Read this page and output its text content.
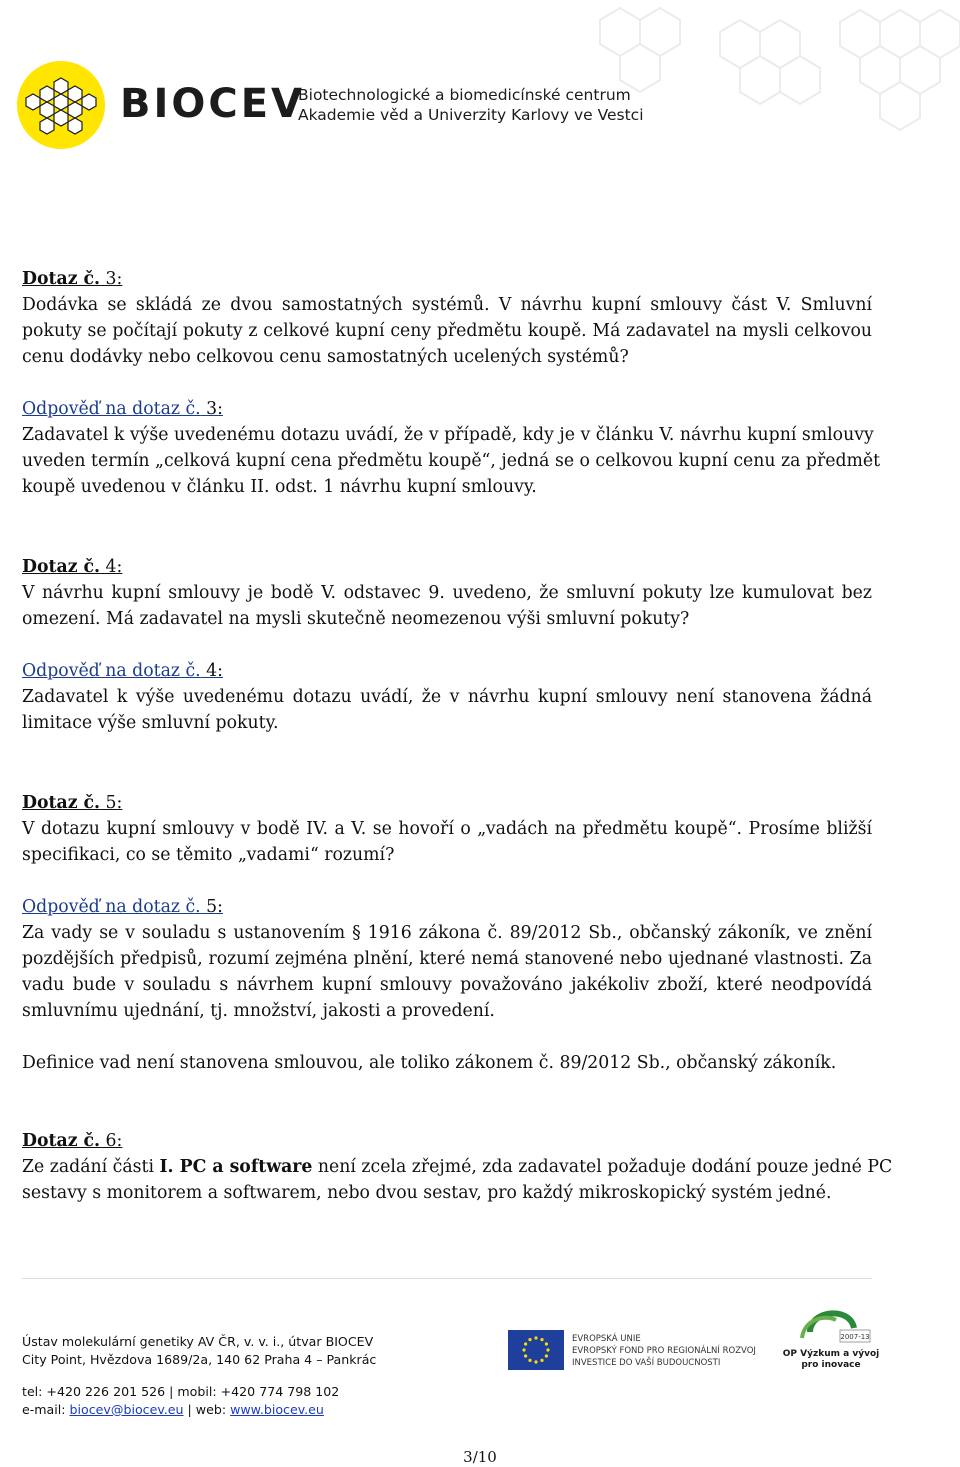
BIOCEV
Biotechnologické a biomedicínské centrum
Akademie věd a Univerzity Karlovy ve Vestci
Dotaz č. 3:
Dodávka se skládá ze dvou samostatných systémů. V návrhu kupní smlouvy část V. Smluvní
pokuty se počítají pokuty z celkové kupní ceny předmětu koupě. Má zadavatel na mysli celkovou
cenu dodávky nebo celkovou cenu samostatných ucelených systémů?
Odpověď na dotaz č. 3:
Zadavatel k výše uvedenému dotazu uvádí, že v případě, kdy je v článku V. návrhu kupní smlouvy
uveden termín „celková kupní cena předmětu koupě“, jedná se o celkovou kupní cenu za předmět
koupě uvedenou v článku II. odst. 1 návrhu kupní smlouvy.
Dotaz č. 4:
V návrhu kupní smlouvy je bodě V. odstavec 9. uvedeno, že smluvní pokuty lze kumulovat bez
omezení. Má zadavatel na mysli skutečně neomezenou výši smluvní pokuty?
Odpověď na dotaz č. 4:
Zadavatel k výše uvedenému dotazu uvádí, že v návrhu kupní smlouvy není stanovena žádná
limitace výše smluvní pokuty.
Dotaz č. 5:
V dotazu kupní smlouvy v bodě IV. a V. se hovoří o „vadách na předmětu koupě“. Prosíme bližší
specifikaci, co se těmito „vadami“ rozumí?
Odpověď na dotaz č. 5:
Za vady se v souladu s ustanovením § 1916 zákona č. 89/2012 Sb., občanský zákoník, ve znění
pozdějších předpisů, rozumí zejména plnění, které nemá stanovené nebo ujednané vlastnosti. Za
vadu bude v souladu s návrhem kupní smlouvy považováno jakékoliv zboží, které neodpovídá
smluvnímu ujednání, tj. množství, jakosti a provedení.
Definice vad není stanovena smlouvou, ale toliko zákonem č. 89/2012 Sb., občanský zákoník.
Dotaz č. 6:
Ze zadání části I. PC a software není zcela zřejmé, zda zadavatel požaduje dodání pouze jedné PC
sestavy s monitorem a softwarem, nebo dvou sestav, pro každý mikroskopický systém jedné.
Ústav molekulární genetiky AV ČR, v. v. i., útvar BIOCEV
City Point, Hvězdova 1689/2a, 140 62 Praha 4 – Pankrác
tel: +420 226 201 526 | mobil: +420 774 798 102
e-mail: biocev@biocev.eu | web: www.biocev.eu
EVROPSKÁ UNIE
EVROPSKÝ FOND PRO REGIONÁLNÍ ROZVOJ
INVESTICE DO VAŠÍ BUDOUCNOSTI
2007-13
OP Výzkum a vývoj
pro inovace
3/10
